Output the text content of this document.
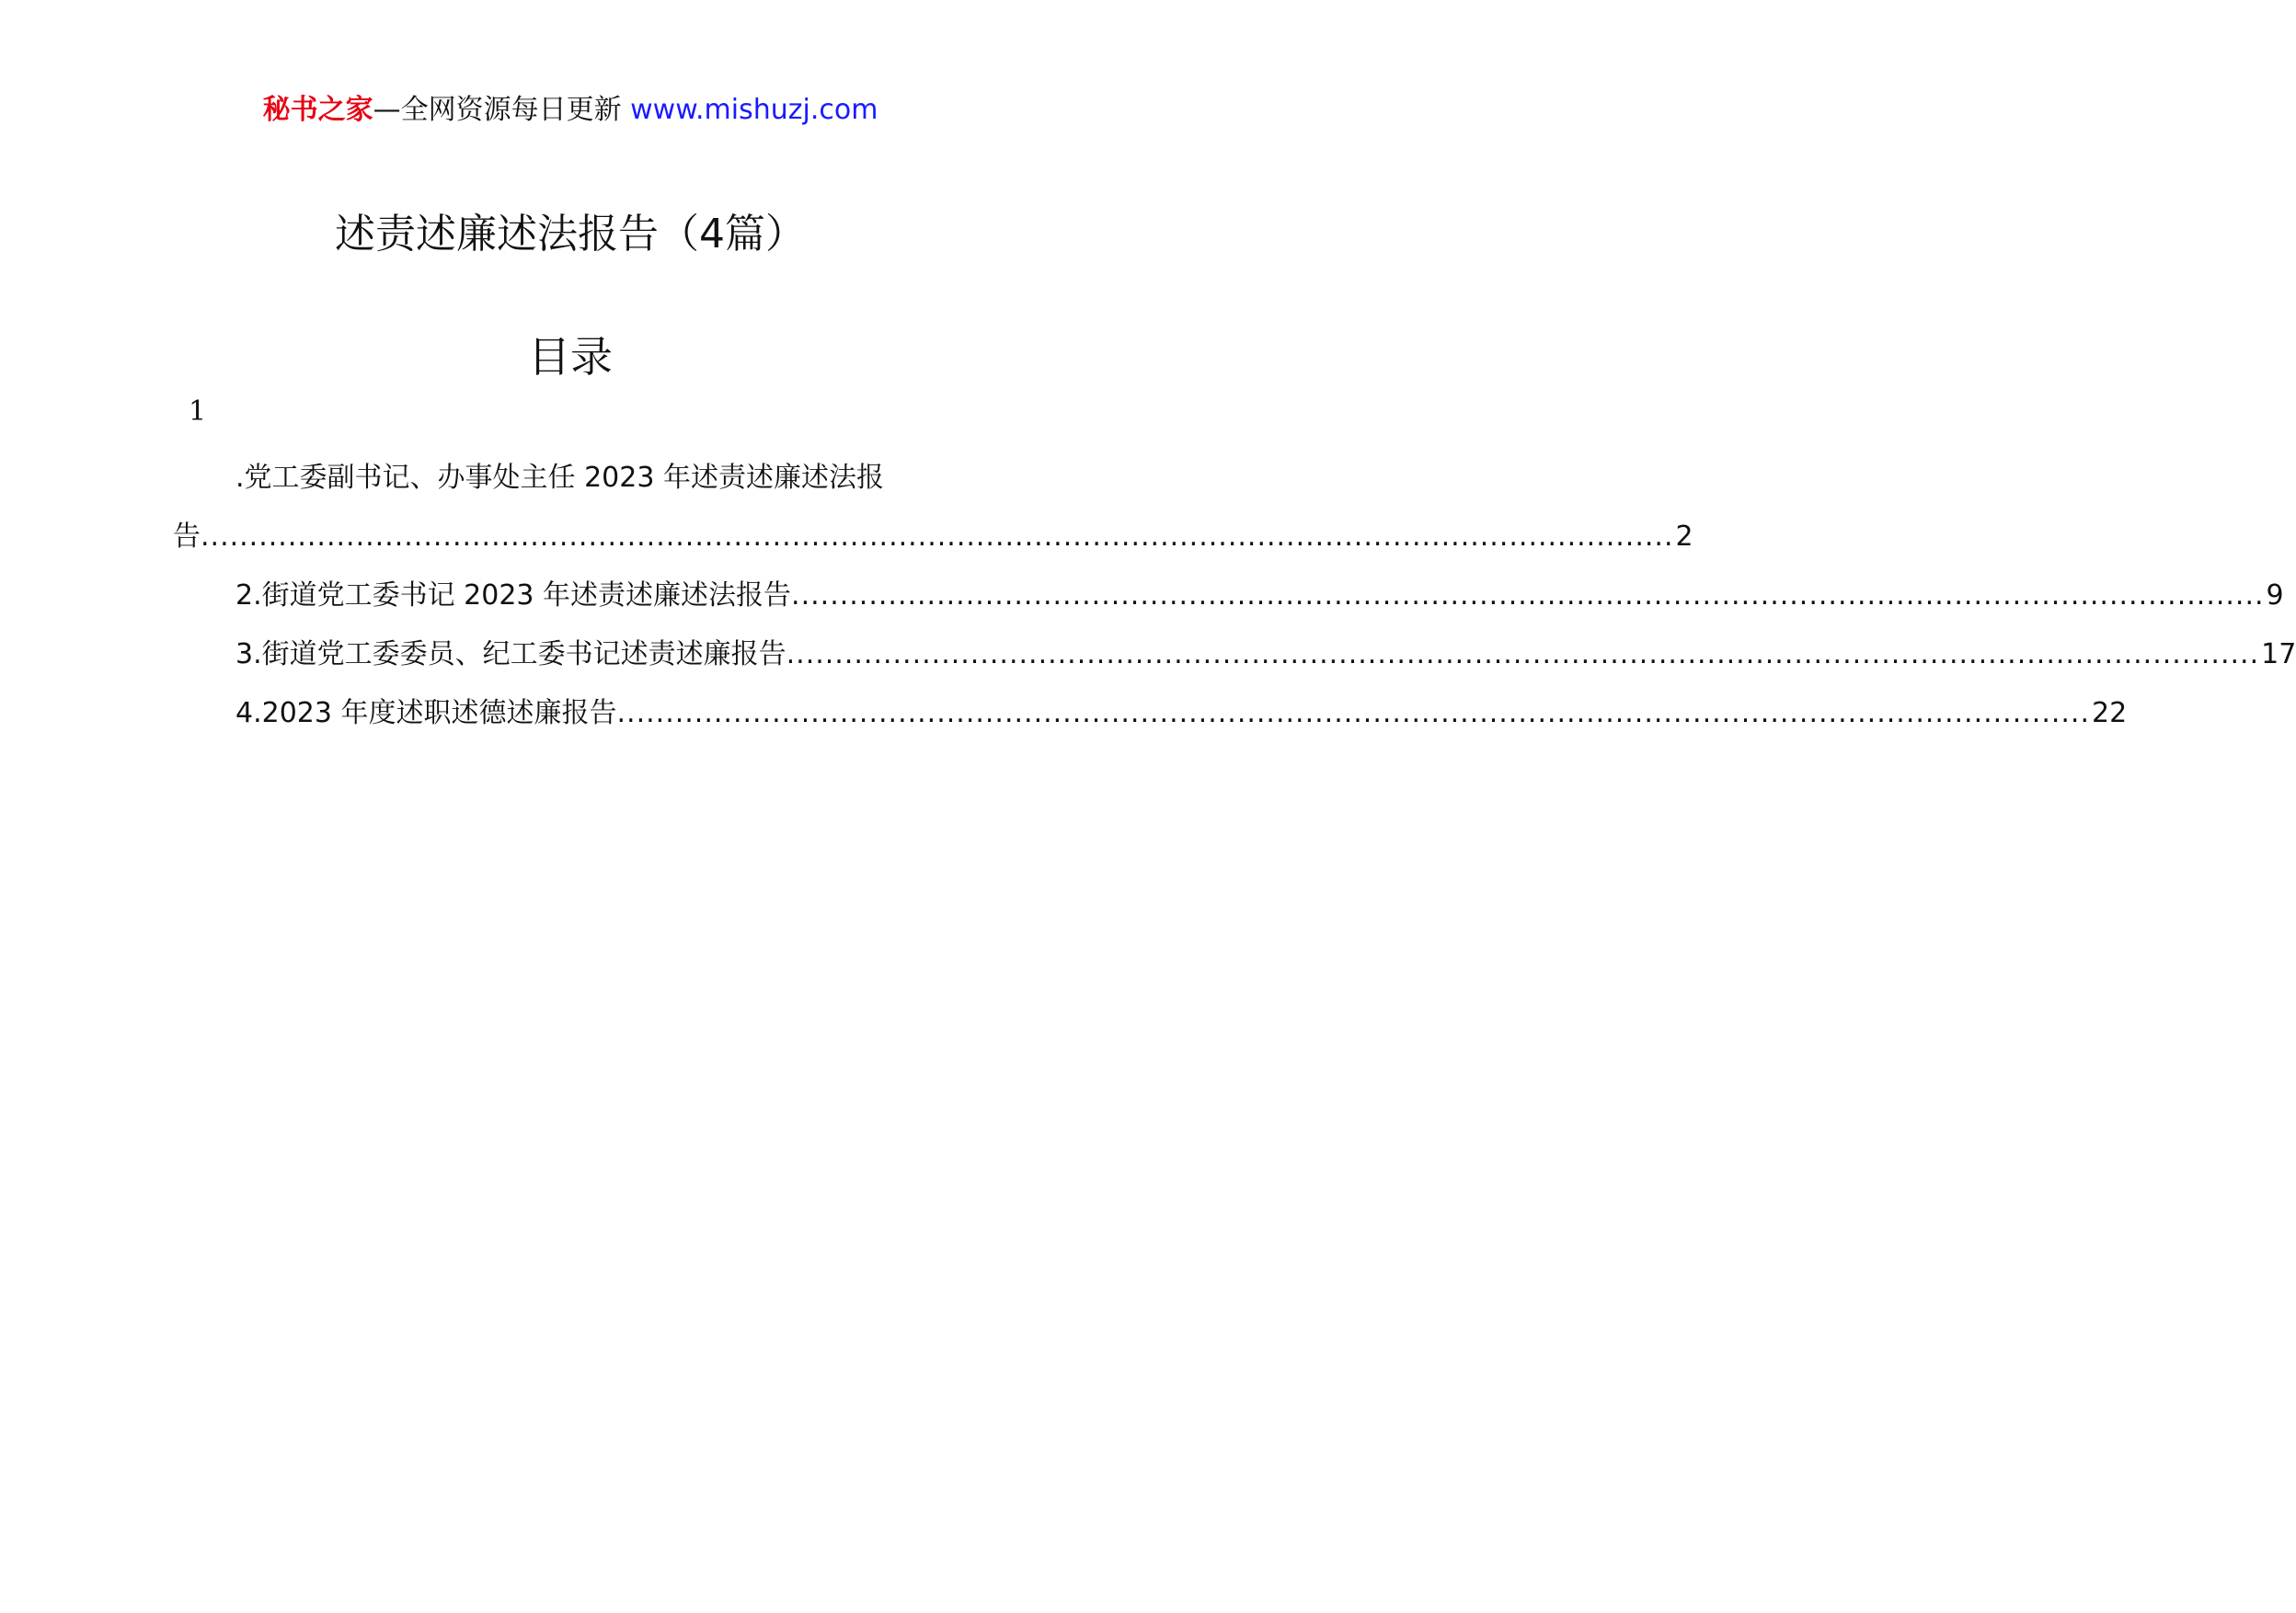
秘书之家—全网资源每日更新 www.mishuzj.com
述责述廉述法报告（4篇）
目录
1
.党工委副书记、办事处主任 2023 年述责述廉述法报
告 ........................................................................................................................................................ 2
2.街道党工委书记 2023 年述责述廉述法报告 ........................................................................................................................................................ 9
3.街道党工委委员、纪工委书记述责述廉报告 ........................................................................................................................................................ 17
4.2023 年度述职述德述廉报告 ........................................................................................................................................................ 22
